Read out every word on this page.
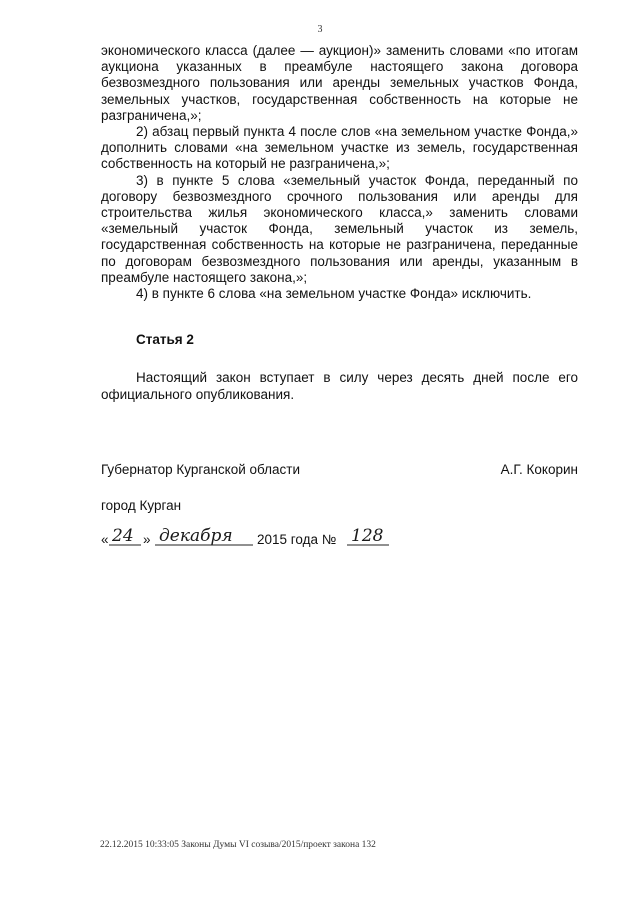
3

экономического класса (далее — аукцион)» заменить словами «по итогам аукциона указанных в преамбуле настоящего закона договора безвозмездного пользования или аренды земельных участков Фонда, земельных участков, государственная собственность на которые не разграничена,»;

2) абзац первый пункта 4 после слов «на земельном участке Фонда,» дополнить словами «на земельном участке из земель, государственная собственность на который не разграничена,»;

3) в пункте 5 слова «земельный участок Фонда, переданный по договору безвозмездного срочного пользования или аренды для строительства жилья экономического класса,» заменить словами «земельный участок Фонда, земельный участок из земель, государственная собственность на которые не разграничена, переданные по договорам безвозмездного пользования или аренды, указанным в преамбуле настоящего закона,»;

4) в пункте 6 слова «на земельном участке Фонда» исключить.

Статья 2

Настоящий закон вступает в силу через десять дней после его официального опубликования.

Губернатор Курганской области	А.Г. Кокорин
город Курган
« 24 » декабря 2015 года № 128
22.12.2015 10:33:05 Законы Думы VI созыва/2015/проект закона 132
